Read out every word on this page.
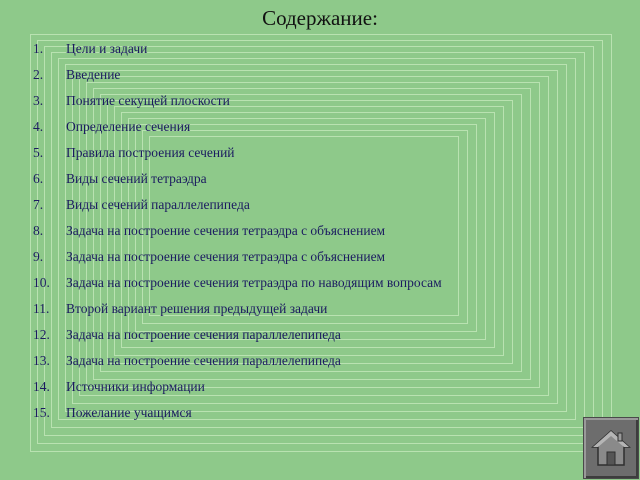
Содержание:
1.	Цели и задачи
2.	Введение
3.	Понятие секущей плоскости
4.	Определение сечения
5.	Правила построения сечений
6.	Виды сечений тетраэдра
7.	Виды сечений параллелепипеда
8.	Задача на построение сечения тетраэдра с объяснением
9.	Задача на построение сечения тетраэдра с объяснением
10.	Задача на построение сечения тетраэдра по наводящим вопросам
11.	Второй вариант решения предыдущей задачи
12.	Задача на построение сечения параллелепипеда
13.	Задача на построение сечения параллелепипеда
14.	Источники информации
15.	Пожелание учащимся
